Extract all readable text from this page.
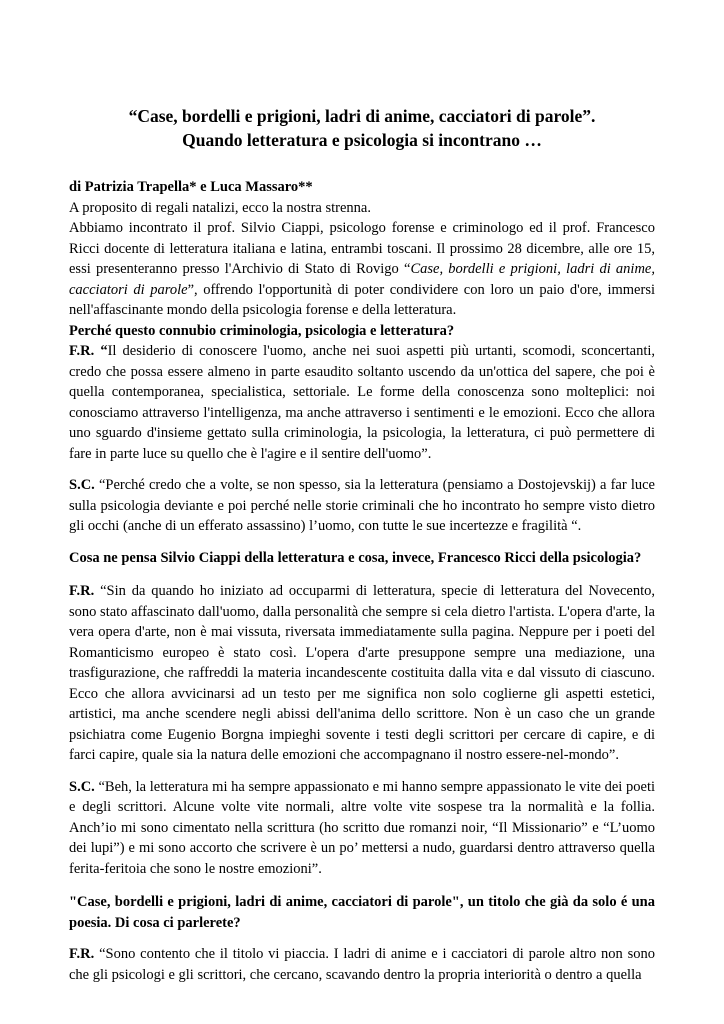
“Case, bordelli e prigioni, ladri di anime, cacciatori di parole”.
Quando letteratura e psicologia si incontrano …

di Patrizia Trapella* e Luca Massaro**

A proposito di regali natalizi, ecco la nostra strenna.

Abbiamo incontrato il prof. Silvio Ciappi, psicologo forense e criminologo ed il prof. Francesco Ricci docente di letteratura italiana e latina, entrambi toscani. Il prossimo 28 dicembre, alle ore 15, essi presenteranno presso l'Archivio di Stato di Rovigo “Case, bordelli e prigioni, ladri di anime, cacciatori di parole”, offrendo l'opportunità di poter condividere con loro un paio d'ore, immersi nell'affascinante mondo della psicologia forense e della letteratura.

Perché questo connubio criminologia, psicologia e letteratura?

F.R. “Il desiderio di conoscere l'uomo, anche nei suoi aspetti più urtanti, scomodi, sconcertanti, credo che possa essere almeno in parte esaudito soltanto uscendo da un'ottica del sapere, che poi è quella contemporanea, specialistica, settoriale. Le forme della conoscenza sono molteplici: noi conosciamo attraverso l'intelligenza, ma anche attraverso i sentimenti e le emozioni. Ecco che allora uno sguardo d'insieme gettato sulla criminologia, la psicologia, la letteratura, ci può permettere di fare in parte luce su quello che è l'agire e il sentire dell'uomo”.

S.C. “Perché credo che a volte, se non spesso, sia la letteratura (pensiamo a Dostojevskij) a far luce sulla psicologia deviante e poi perché nelle storie criminali che ho incontrato ho sempre visto dietro gli occhi (anche di un efferato assassino) l’uomo, con tutte le sue incertezze e fragilità “.

Cosa ne pensa Silvio Ciappi della letteratura e cosa, invece, Francesco Ricci della psicologia?

F.R. “Sin da quando ho iniziato ad occuparmi di letteratura, specie di letteratura del Novecento, sono stato affascinato dall'uomo, dalla personalità che sempre si cela dietro l'artista. L'opera d'arte, la vera opera d'arte, non è mai vissuta, riversata immediatamente sulla pagina. Neppure per i poeti del Romanticismo europeo è stato così. L'opera d'arte presuppone sempre una mediazione, una trasfigurazione, che raffreddi la materia incandescente costituita dalla vita e dal vissuto di ciascuno. Ecco che allora avvicinarsi ad un testo per me significa non solo coglierne gli aspetti estetici, artistici, ma anche scendere negli abissi dell'anima dello scrittore. Non è un caso che un grande psichiatra come Eugenio Borgna impieghi sovente i testi degli scrittori per cercare di capire, e di farci capire, quale sia la natura delle emozioni che accompagnano il nostro essere-nel-mondo”.

S.C. “Beh, la letteratura mi ha sempre appassionato e mi hanno sempre appassionato le vite dei poeti e degli scrittori. Alcune volte vite normali, altre volte vite sospese tra la normalità e la follia. Anch’io mi sono cimentato nella scrittura (ho scritto due romanzi noir, “Il Missionario” e “L’uomo dei lupi”) e mi sono accorto che scrivere è un po’ mettersi a nudo, guardarsi dentro attraverso quella ferita-feritoia che sono le nostre emozioni”.

"Case, bordelli e prigioni, ladri di anime, cacciatori di parole", un titolo che già da solo é una poesia. Di cosa ci parlerete?

F.R. “Sono contento che il titolo vi piaccia. I ladri di anime e i cacciatori di parole altro non sono che gli psicologi e gli scrittori, che cercano, scavando dentro la propria interiorità o dentro a quella
